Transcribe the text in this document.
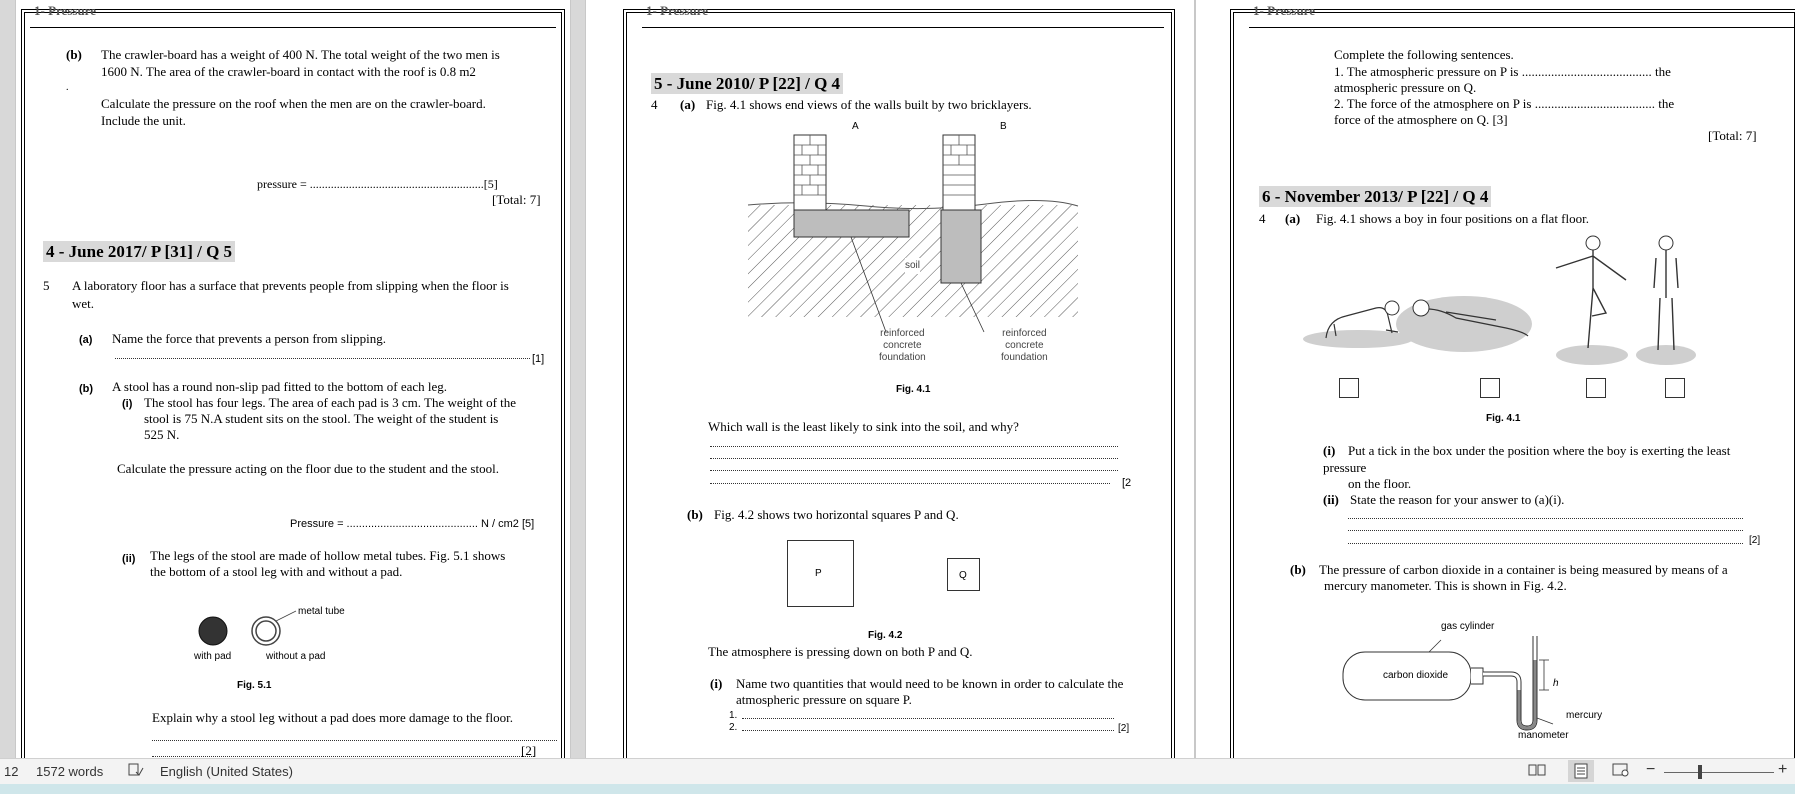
1- Pressure
(b) The crawler-board has a weight of 400 N. The total weight of the two men is
1600 N. The area of the crawler-board in contact with the roof is 0.8 m2
.
Calculate the pressure on the roof when the men are on the crawler-board.
Include the unit.
pressure = ..........................................................[5]
[Total: 7]
4 - June 2017/ P [31] / Q 5
5 A laboratory floor has a surface that prevents people from slipping when the floor is
wet.
(a) Name the force that prevents a person from slipping.
[1]
(b) A stool has a round non-slip pad fitted to the bottom of each leg.
(i) The stool has four legs. The area of each pad is 3 cm. The weight of the
stool is 75 N.A student sits on the stool. The weight of the student is
525 N.
Calculate the pressure acting on the floor due to the student and the stool.
Pressure = ........................................... N / cm2 [5]
(ii) The legs of the stool are made of hollow metal tubes. Fig. 5.1 shows
the bottom of a stool leg with and without a pad.
metal tube
with pad	without a pad
Fig. 5.1
Explain why a stool leg without a pad does more damage to the floor.
[2]
1- Pressure
5 - June 2010/ P [22] / Q 4
4 (a) Fig. 4.1 shows end views of the walls built by two bricklayers.
A	B
soil
reinforced
concrete
foundation
reinforced
concrete
foundation
Fig. 4.1
Which wall is the least likely to sink into the soil, and why?
[2
(b) Fig. 4.2 shows two horizontal squares P and Q.
P	Q
Fig. 4.2
The atmosphere is pressing down on both P and Q.
(i) Name two quantities that would need to be known in order to calculate the
atmospheric pressure on square P.
1.
2.	[2]
1- Pressure
Complete the following sentences.
1. The atmospheric pressure on P is ........................................ the
atmospheric pressure on Q.
2. The force of the atmosphere on P is ..................................... the
force of the atmosphere on Q. [3]
[Total: 7]
6 - November 2013/ P [22] / Q 4
4 (a) Fig. 4.1 shows a boy in four positions on a flat floor.
Fig. 4.1
(i) Put a tick in the box under the position where the boy is exerting the least
pressure
on the floor.
(ii) State the reason for your answer to (a)(i).
[2]
(b) The pressure of carbon dioxide in a container is being measured by means of a
mercury manometer. This is shown in Fig. 4.2.
gas cylinder
carbon dioxide
h
mercury
manometer
12 1572 words	English (United States)	−	+
